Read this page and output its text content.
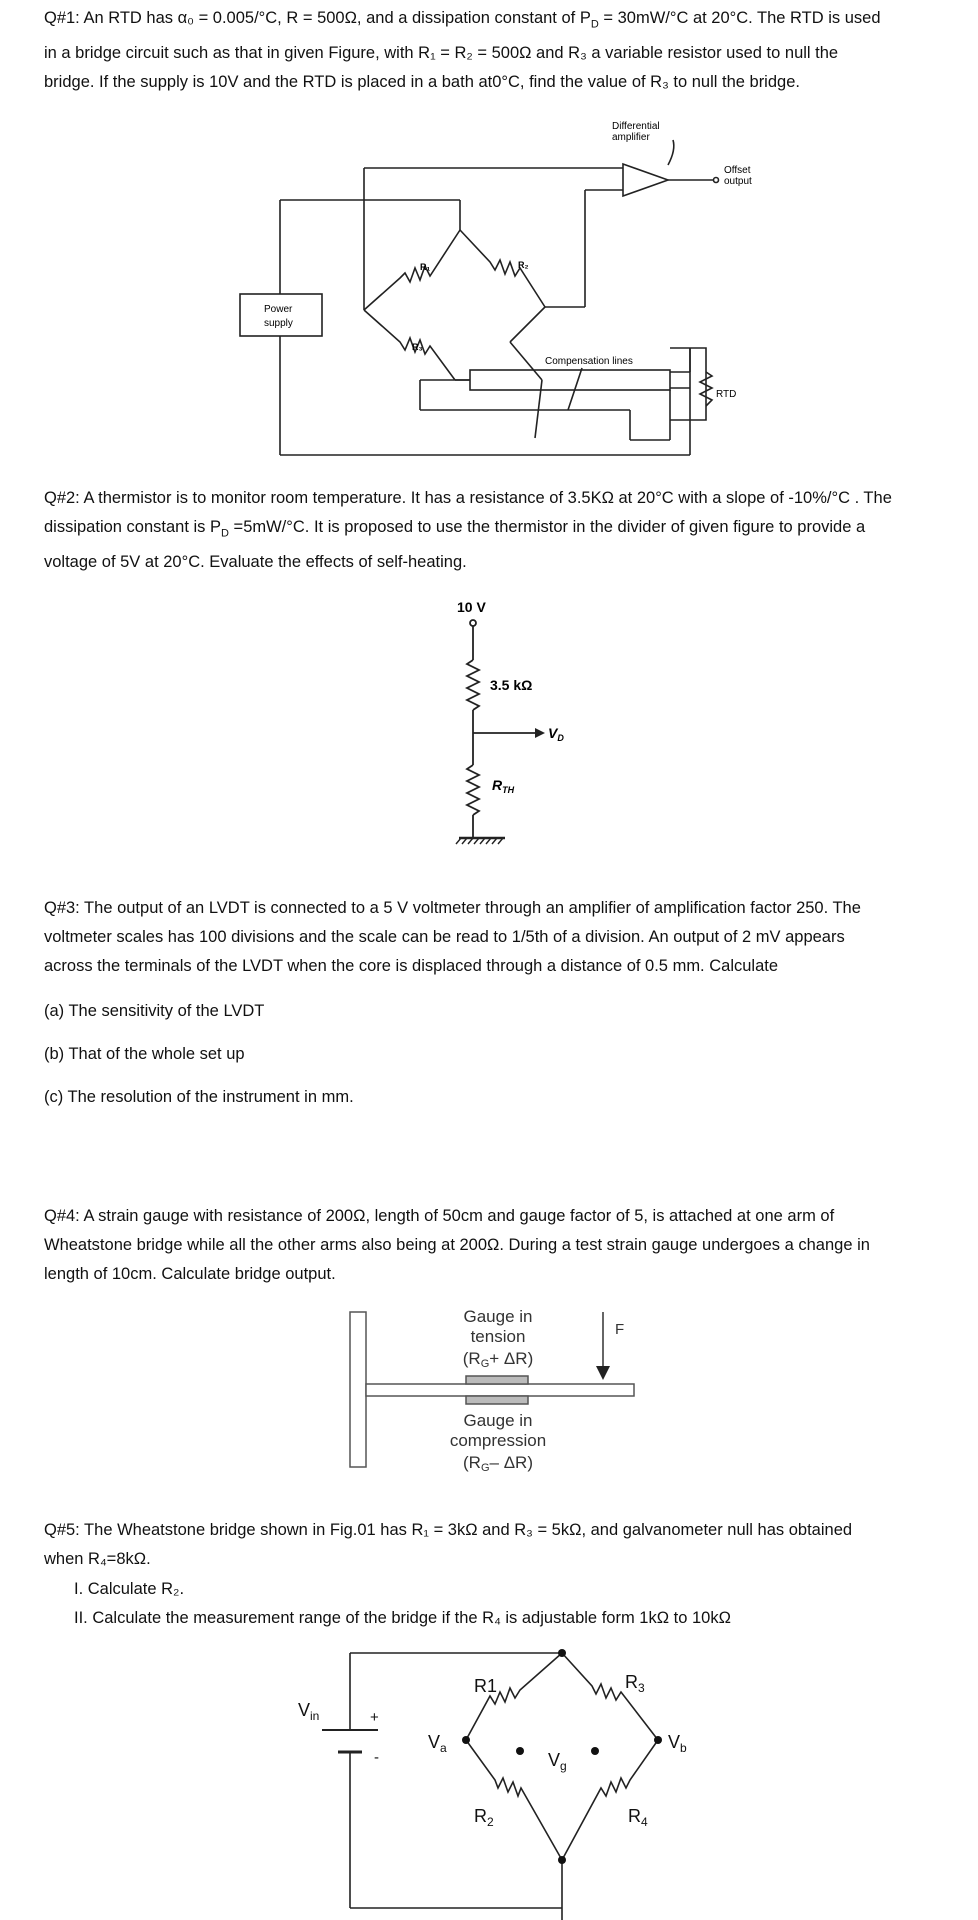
Q#1: An RTD has α₀ = 0.005/°C, R = 500Ω, and a dissipation constant of $P_D = 30mW/^\circ C$ at 20°C. The RTD is used

in a bridge circuit such as that in given Figure, with R₁ = R₂ = 500Ω and R₃ a variable resistor used to null the

bridge. If the supply is 10V and the RTD is placed in a bath at0°C, find the value of R₃ to null the bridge.

Differential
amplifier
Offset
output
Power
supply
R₁	R₂
R₃
Compensation lines
RTD

Q#2: A thermistor is to monitor room temperature. It has a resistance of 3.5KΩ at 20°C with a slope of -10%/°C . The

dissipation constant is $P_D =5mW/^\circ C$. It is proposed to use the thermistor in the divider of given figure to provide a

voltage of 5V at 20°C. Evaluate the effects of self-heating.

10 V
3.5 kΩ
$V_D$
$R_{TH}$

Q#3: The output of an LVDT is connected to a 5 V voltmeter through an amplifier of amplification factor 250. The

voltmeter scales has 100 divisions and the scale can be read to 1/5th of a division. An output of 2 mV appears

across the terminals of the LVDT when the core is displaced through a distance of 0.5 mm. Calculate

(a) The sensitivity of the LVDT
(b) That of the whole set up
(c) The resolution of the instrument in mm.

Q#4: A strain gauge with resistance of 200Ω, length of 50cm and gauge factor of 5, is attached at one arm of

Wheatstone bridge while all the other arms also being at 200Ω. During a test strain gauge undergoes a change in

length of 10cm. Calculate bridge output.

F
Gauge in
tension
(RG+ ΔR)
Gauge in
compression
(RG– ΔR)

Q#5: The Wheatstone bridge shown in Fig.01 has R₁ = 3kΩ and R₃ = 5kΩ, and galvanometer null has obtained

when R₄=8kΩ.

I. Calculate R₂.
II. Calculate the measurement range of the bridge if the R₄ is adjustable form 1kΩ to 10kΩ
$V_{in}$	+
-
$V_a$
$V_g$
$V_b$
R1	$R_3$
$R_2$	$R_4$
